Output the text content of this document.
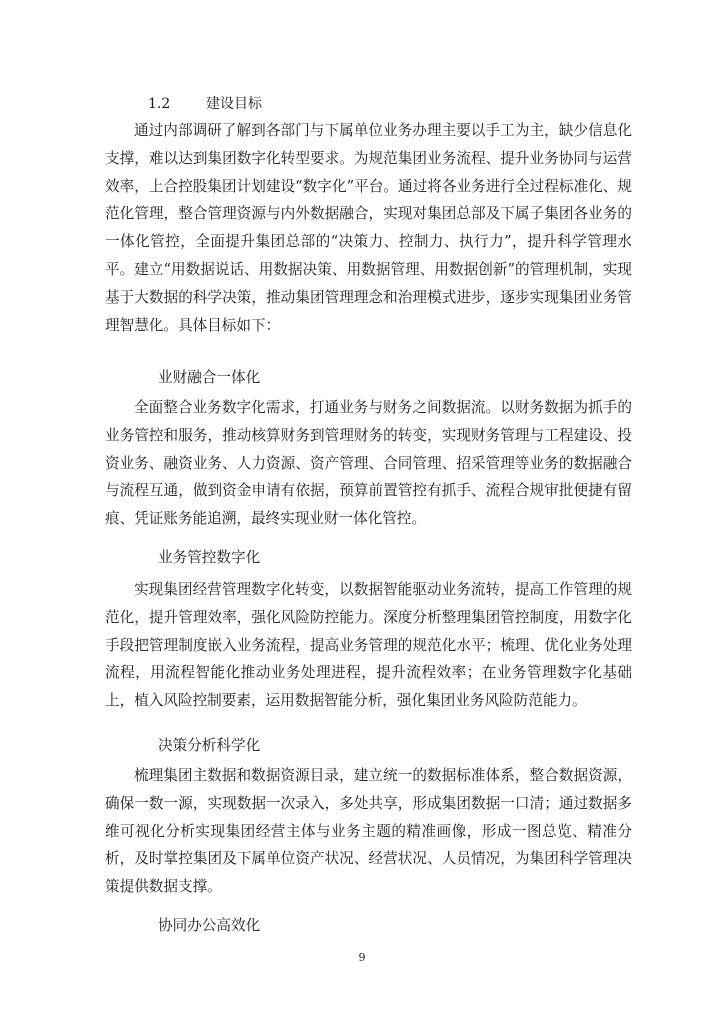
1.2	建设目标

通过内部调研了解到各部门与下属单位业务办理主要以手工为主，缺少信息化支撑，难以达到集团数字化转型要求。为规范集团业务流程、提升业务协同与运营效率，上合控股集团计划建设“数字化”平台。通过将各业务进行全过程标准化、规范化管理，整合管理资源与内外数据融合，实现对集团总部及下属子集团各业务的一体化管控，全面提升集团总部的“决策力、控制力、执行力”，提升科学管理水平。建立“用数据说话、用数据决策、用数据管理、用数据创新”的管理机制，实现基于大数据的科学决策，推动集团管理理念和治理模式进步，逐步实现集团业务管理智慧化。具体目标如下：

业财融合一体化

全面整合业务数字化需求，打通业务与财务之间数据流。以财务数据为抓手的业务管控和服务，推动核算财务到管理财务的转变，实现财务管理与工程建设、投资业务、融资业务、人力资源、资产管理、合同管理、招采管理等业务的数据融合与流程互通，做到资金申请有依据，预算前置管控有抓手、流程合规审批便捷有留痕、凭证账务能追溯，最终实现业财一体化管控。

业务管控数字化

实现集团经营管理数字化转变，以数据智能驱动业务流转，提高工作管理的规范化，提升管理效率，强化风险防控能力。深度分析整理集团管控制度，用数字化手段把管理制度嵌入业务流程，提高业务管理的规范化水平；梳理、优化业务处理流程，用流程智能化推动业务处理进程，提升流程效率；在业务管理数字化基础上，植入风险控制要素，运用数据智能分析，强化集团业务风险防范能力。

决策分析科学化

梳理集团主数据和数据资源目录，建立统一的数据标准体系，整合数据资源，确保一数一源，实现数据一次录入，多处共享，形成集团数据一口清；通过数据多维可视化分析实现集团经营主体与业务主题的精准画像，形成一图总览、精准分析，及时掌控集团及下属单位资产状况、经营状况、人员情况，为集团科学管理决策提供数据支撑。

协同办公高效化
9
